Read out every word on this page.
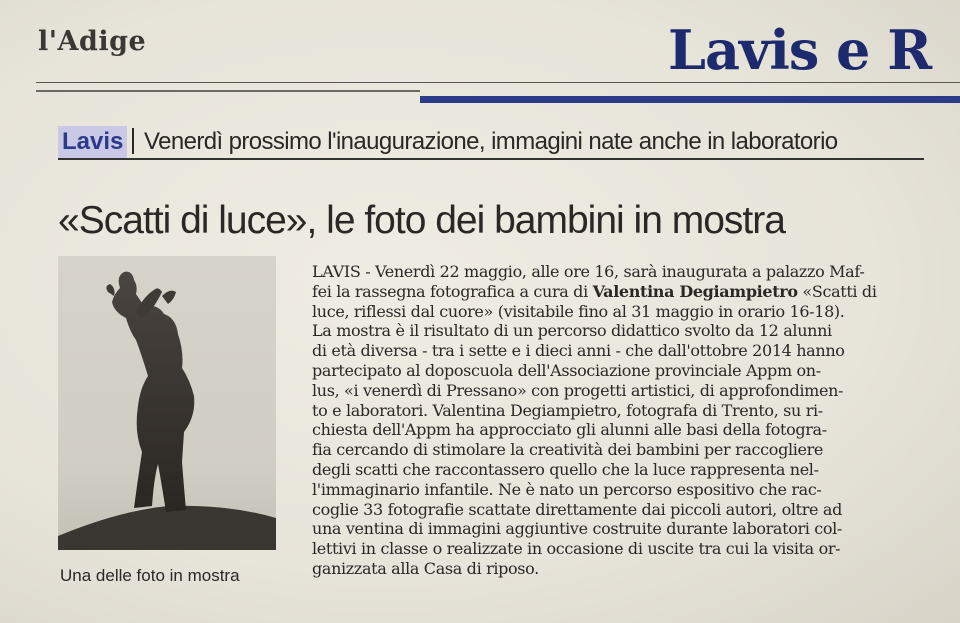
l'Adige	Lavis e R
Lavis Venerdì prossimo l'inaugurazione, immagini nate anche in laboratorio
«Scatti di luce», le foto dei bambini in mostra
Una delle foto in mostra
LAVIS - Venerdì 22 maggio, alle ore 16, sarà inaugurata a palazzo Maf-
fei la rassegna fotografica a cura di Valentina Degiampietro «Scatti di
luce, riflessi dal cuore» (visitabile fino al 31 maggio in orario 16-18).
La mostra è il risultato di un percorso didattico svolto da 12 alunni
di età diversa - tra i sette e i dieci anni - che dall'ottobre 2014 hanno
partecipato al doposcuola dell'Associazione provinciale Appm on-
lus, «i venerdì di Pressano» con progetti artistici, di approfondimen-
to e laboratori. Valentina Degiampietro, fotografa di Trento, su ri-
chiesta dell'Appm ha approcciato gli alunni alle basi della fotogra-
fia cercando di stimolare la creatività dei bambini per raccogliere
degli scatti che raccontassero quello che la luce rappresenta nel-
l'immaginario infantile. Ne è nato un percorso espositivo che rac-
coglie 33 fotografie scattate direttamente dai piccoli autori, oltre ad
una ventina di immagini aggiuntive costruite durante laboratori col-
lettivi in classe o realizzate in occasione di uscite tra cui la visita or-
ganizzata alla Casa di riposo.
